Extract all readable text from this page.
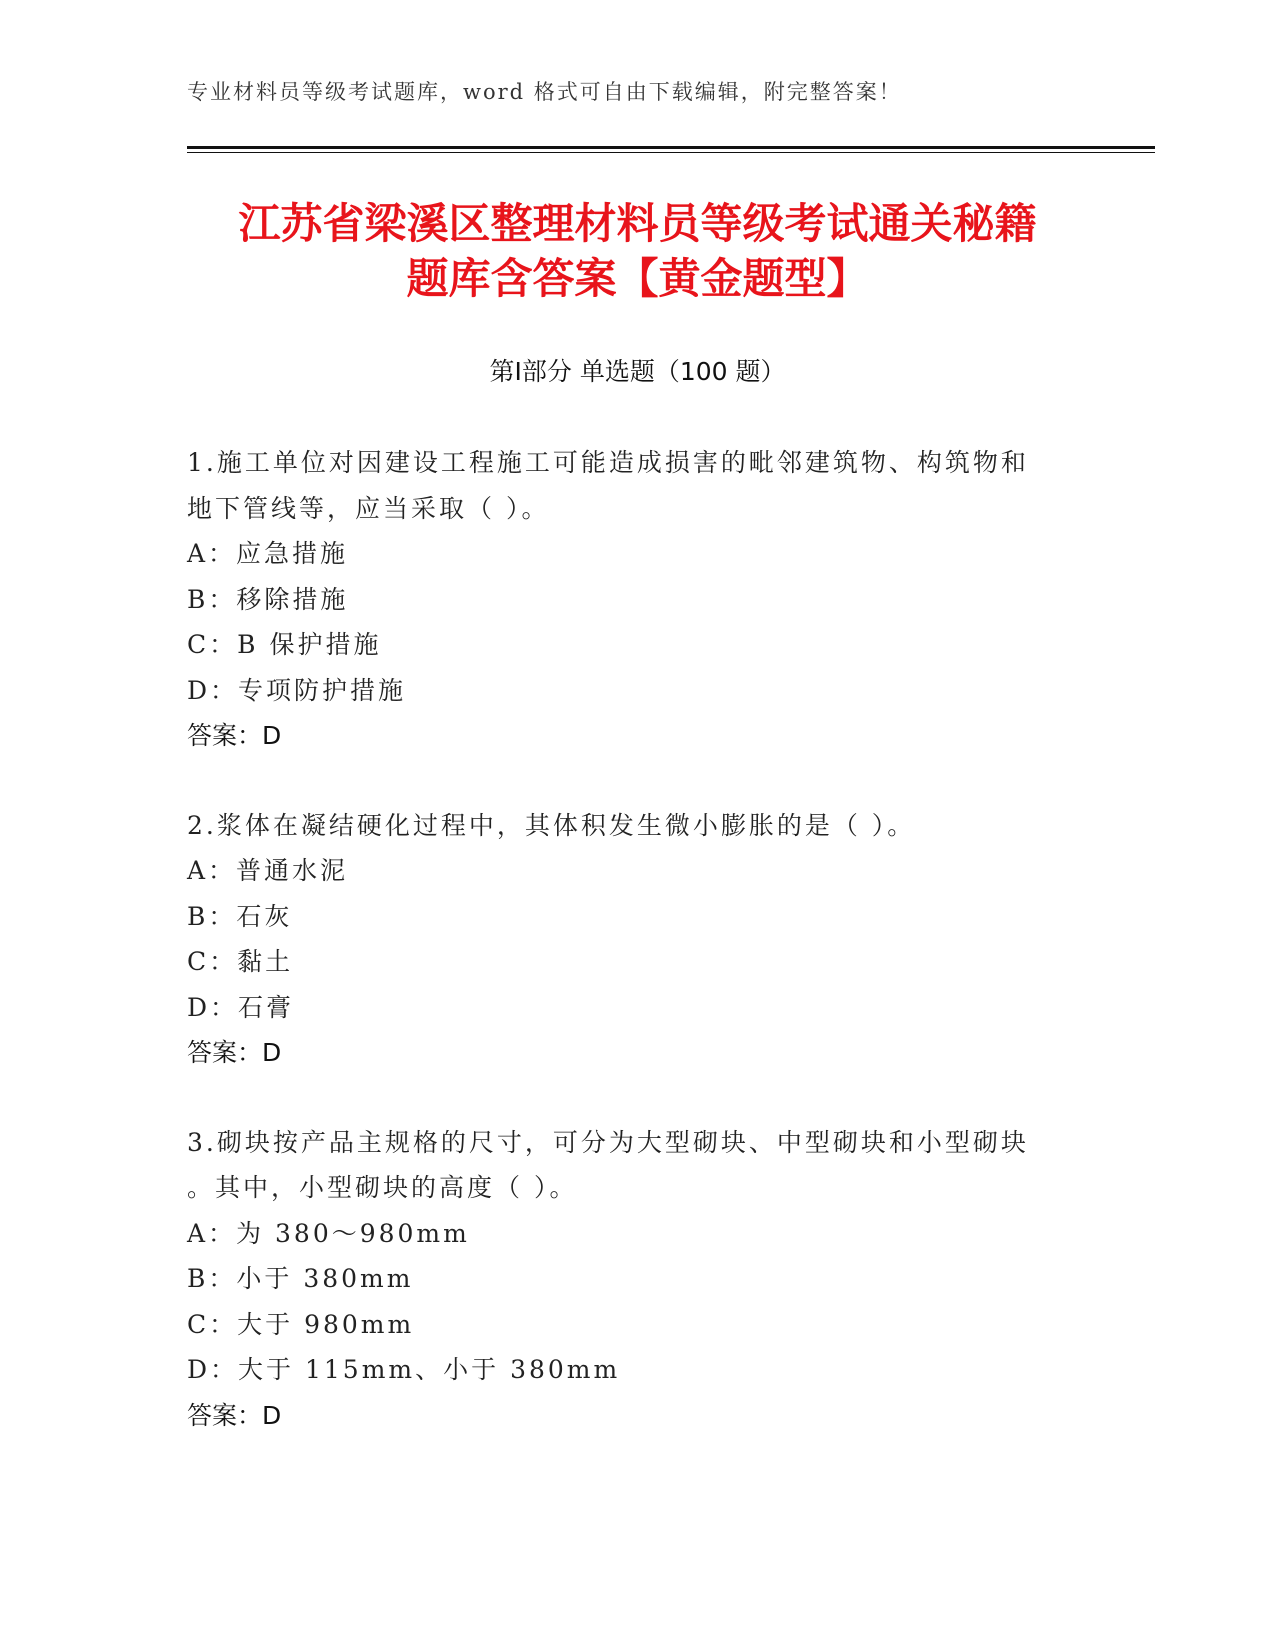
专业材料员等级考试题库，word 格式可自由下载编辑，附完整答案！
江苏省梁溪区整理材料员等级考试通关秘籍
题库含答案【黄金题型】
第Ⅰ部分 单选题（100 题）
1.施工单位对因建设工程施工可能造成损害的毗邻建筑物、构筑物和
地下管线等，应当采取（ ）。
A：应急措施
B：移除措施
C：B 保护措施
D：专项防护措施
答案：D
2.浆体在凝结硬化过程中，其体积发生微小膨胀的是（ ）。
A：普通水泥
B：石灰
C：黏土
D：石膏
答案：D
3.砌块按产品主规格的尺寸，可分为大型砌块、中型砌块和小型砌块
。其中，小型砌块的高度（ ）。
A：为 380～980mm
B：小于 380mm
C：大于 980mm
D：大于 115mm、小于 380mm
答案：D
